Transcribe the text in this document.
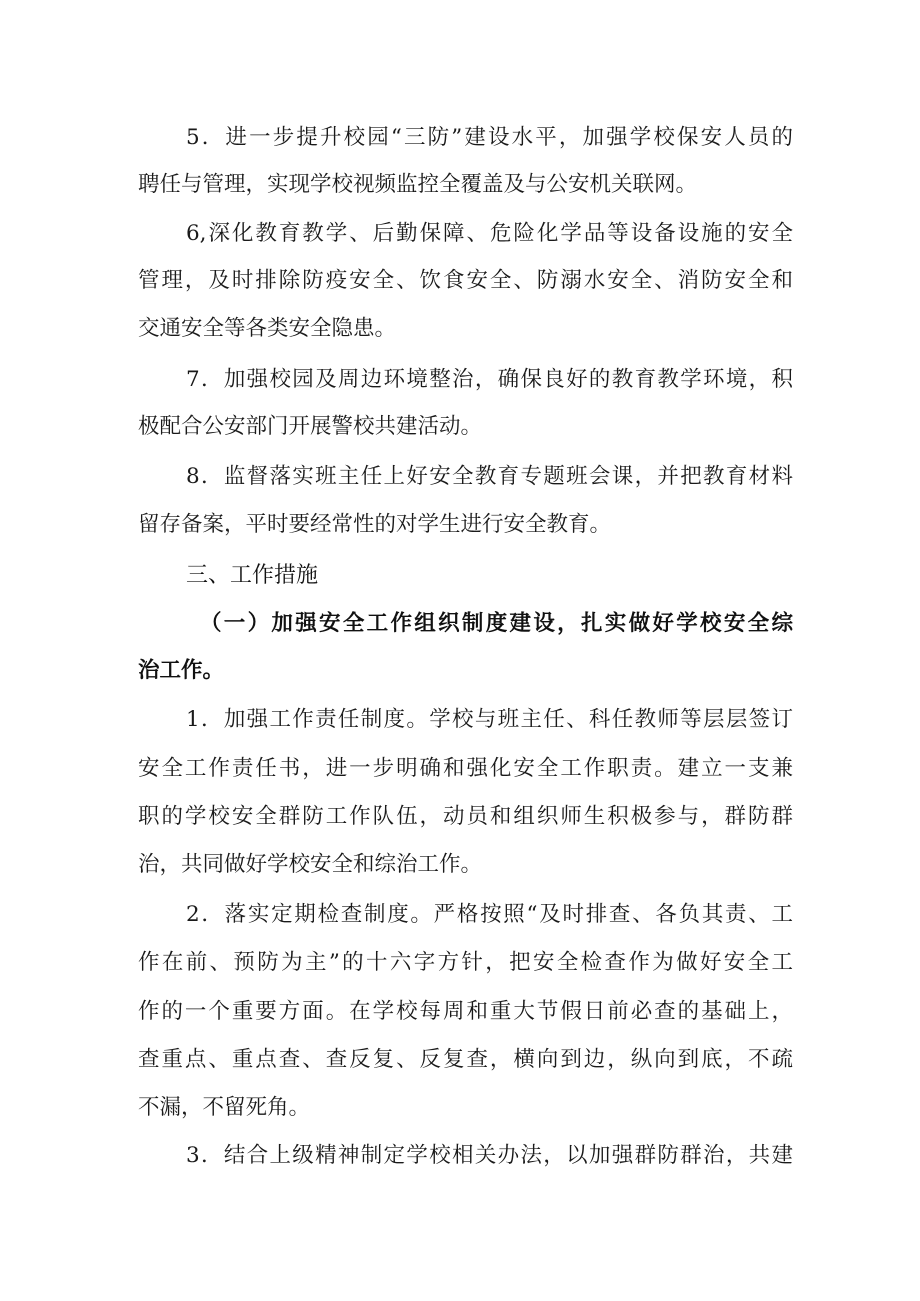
5．进一步提升校园“三防”建设水平，加强学校保安人员的
聘任与管理，实现学校视频监控全覆盖及与公安机关联网。
6,深化教育教学、后勤保障、危险化学品等设备设施的安全
管理，及时排除防疫安全、饮食安全、防溺水安全、消防安全和
交通安全等各类安全隐患。
7．加强校园及周边环境整治，确保良好的教育教学环境，积
极配合公安部门开展警校共建活动。
8．监督落实班主任上好安全教育专题班会课，并把教育材料
留存备案，平时要经常性的对学生进行安全教育。
三、工作措施
（一）加强安全工作组织制度建设，扎实做好学校安全综
治工作。
1．加强工作责任制度。学校与班主任、科任教师等层层签订
安全工作责任书，进一步明确和强化安全工作职责。建立一支兼
职的学校安全群防工作队伍，动员和组织师生积极参与，群防群
治，共同做好学校安全和综治工作。
2．落实定期检查制度。严格按照“及时排查、各负其责、工
作在前、预防为主”的十六字方针，把安全检查作为做好安全工
作的一个重要方面。在学校每周和重大节假日前必查的基础上，
查重点、重点查、查反复、反复查，横向到边，纵向到底，不疏
不漏，不留死角。
3．结合上级精神制定学校相关办法，以加强群防群治，共建
